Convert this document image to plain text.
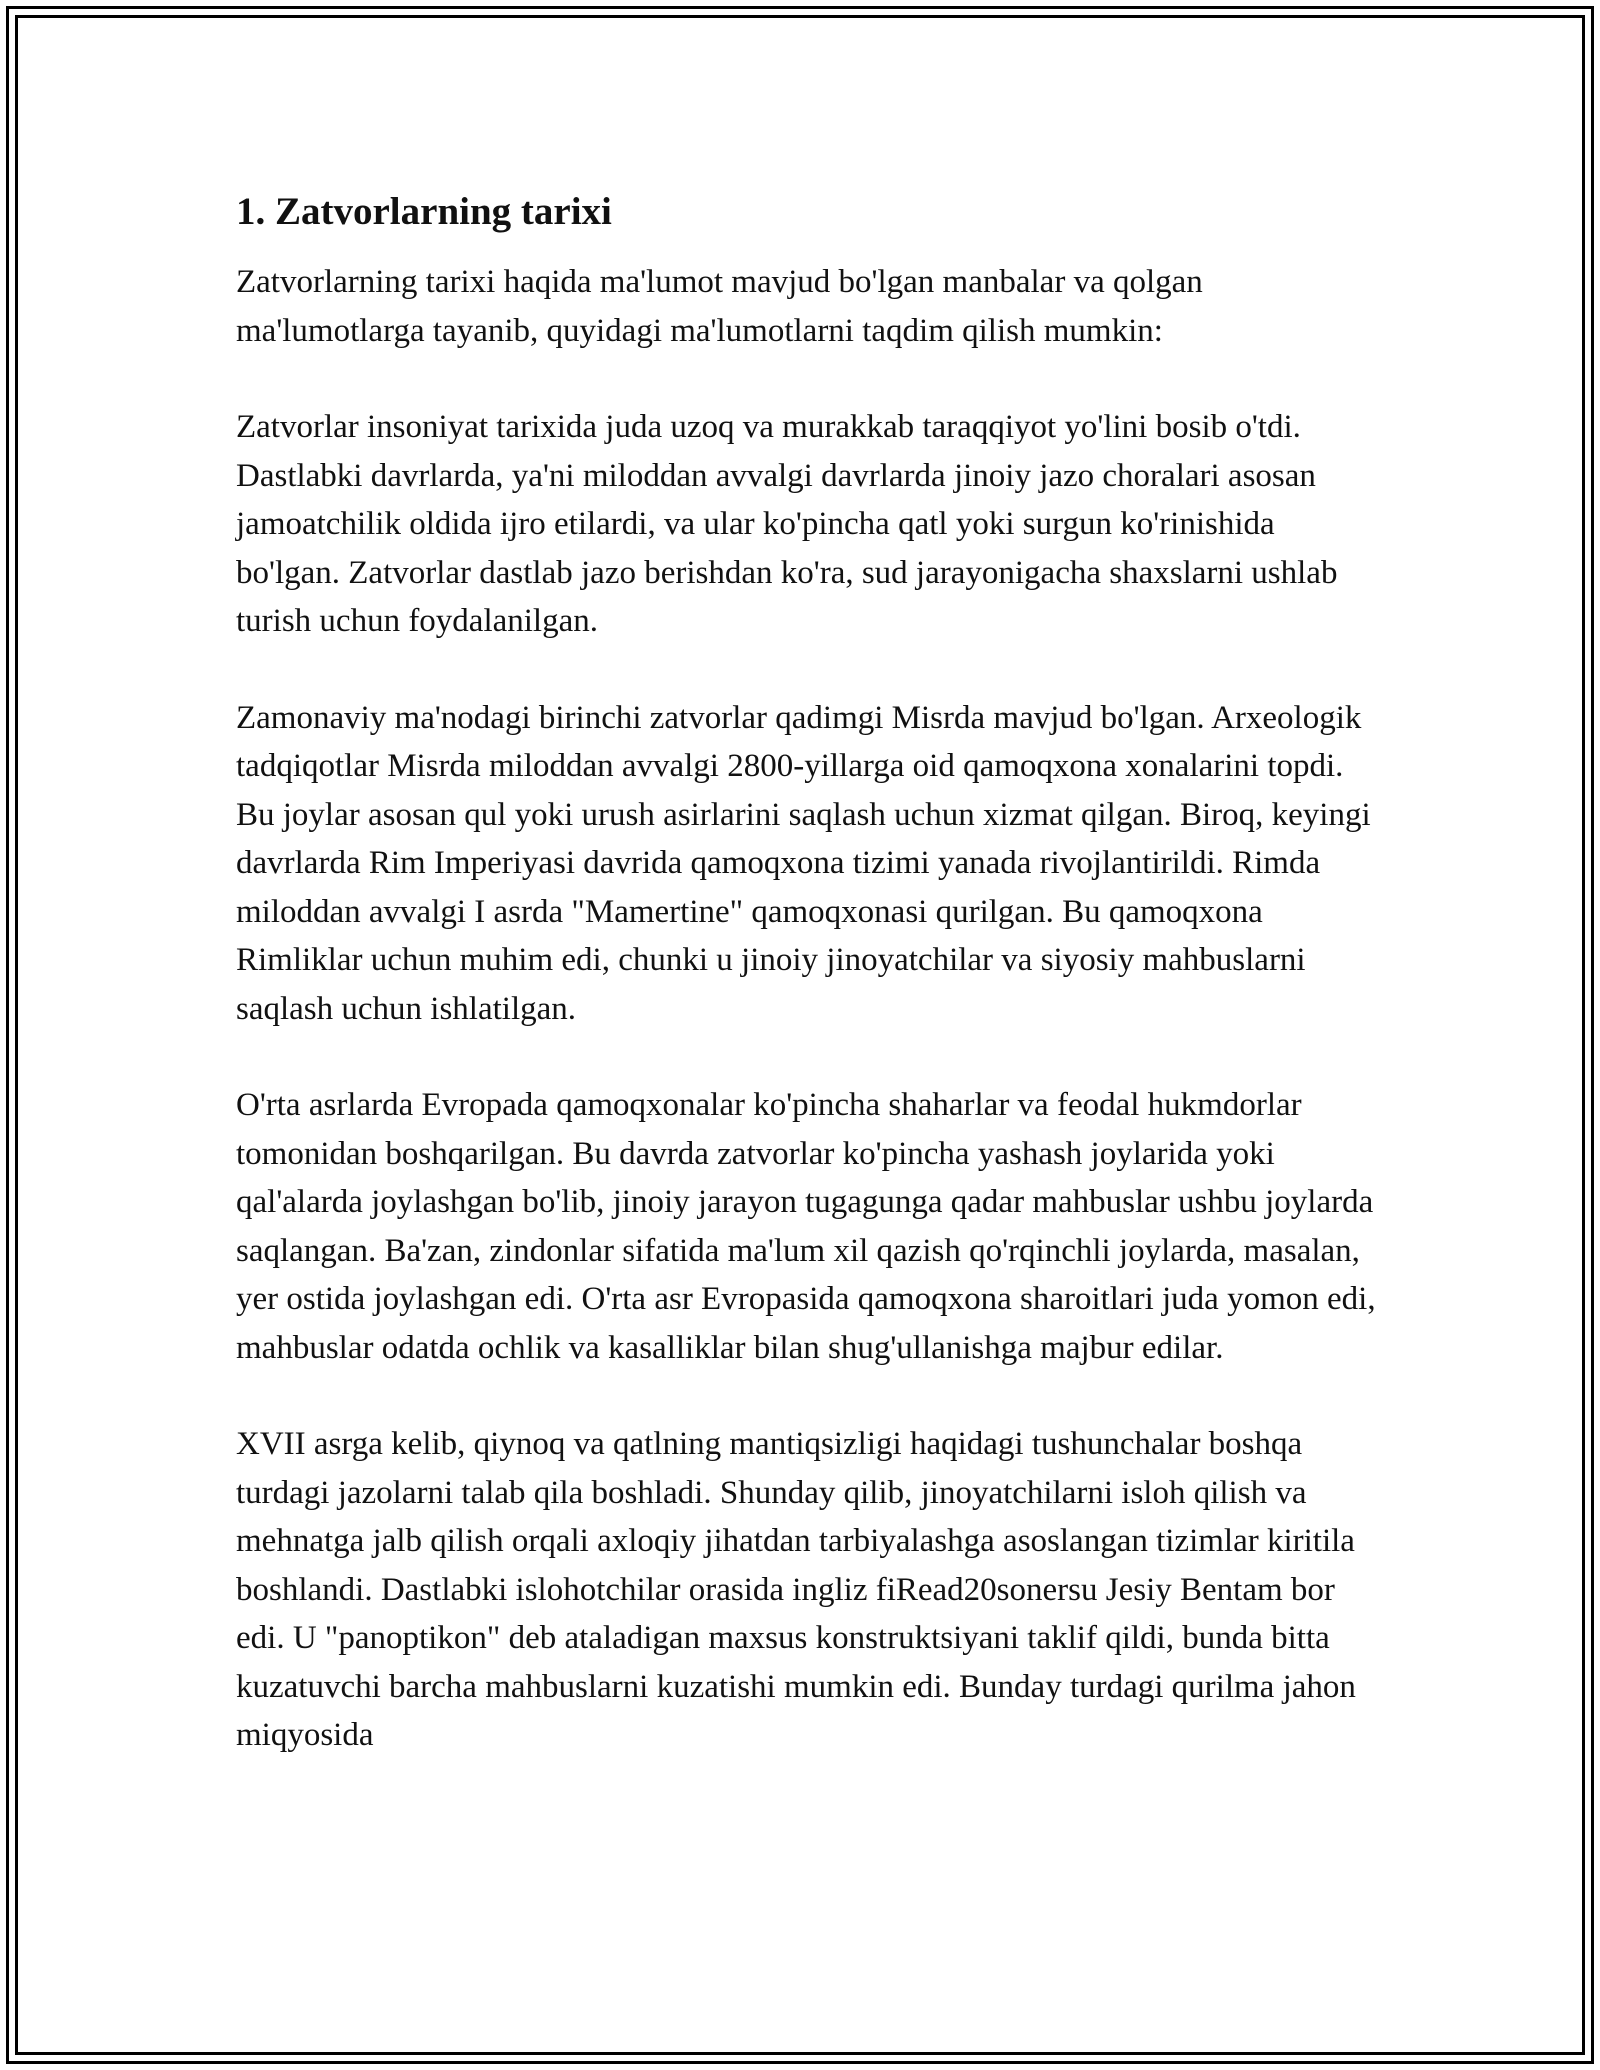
1. Zatvorlarning tarixi

Zatvorlarning tarixi haqida ma'lumot mavjud bo'lgan manbalar va qolgan ma'lumotlarga tayanib, quyidagi ma'lumotlarni taqdim qilish mumkin:

Zatvorlar insoniyat tarixida juda uzoq va murakkab taraqqiyot yo'lini bosib o'tdi. Dastlabki davrlarda, ya'ni miloddan avvalgi davrlarda jinoiy jazo choralari asosan jamoatchilik oldida ijro etilardi, va ular ko'pincha qatl yoki surgun ko'rinishida bo'lgan. Zatvorlar dastlab jazo berishdan ko'ra, sud jarayonigacha shaxslarni ushlab turish uchun foydalanilgan.

Zamonaviy ma'nodagi birinchi zatvorlar qadimgi Misrda mavjud bo'lgan. Arxeologik tadqiqotlar Misrda miloddan avvalgi 2800-yillarga oid qamoqxona xonalarini topdi. Bu joylar asosan qul yoki urush asirlarini saqlash uchun xizmat qilgan. Biroq, keyingi davrlarda Rim Imperiyasi davrida qamoqxona tizimi yanada rivojlantirildi. Rimda miloddan avvalgi I asrda "Mamertine" qamoqxonasi qurilgan. Bu qamoqxona Rimliklar uchun muhim edi, chunki u jinoiy jinoyatchilar va siyosiy mahbuslarni saqlash uchun ishlatilgan.

O'rta asrlarda Evropada qamoqxonalar ko'pincha shaharlar va feodal hukmdorlar tomonidan boshqarilgan. Bu davrda zatvorlar ko'pincha yashash joylarida yoki qal'alarda joylashgan bo'lib, jinoiy jarayon tugagunga qadar mahbuslar ushbu joylarda saqlangan. Ba'zan, zindonlar sifatida ma'lum xil qazish qo'rqinchli joylarda, masalan, yer ostida joylashgan edi. O'rta asr Evropasida qamoqxona sharoitlari juda yomon edi, mahbuslar odatda ochlik va kasalliklar bilan shug'ullanishga majbur edilar.

XVII asrga kelib, qiynoq va qatlning mantiqsizligi haqidagi tushunchalar boshqa turdagi jazolarni talab qila boshladi. Shunday qilib, jinoyatchilarni isloh qilish va mehnatga jalb qilish orqali axloqiy jihatdan tarbiyalashga asoslangan tizimlar kiritila boshlandi. Dastlabki islohotchilar orasida ingliz fiRead20sonersu Jesiy Bentam bor edi. U "panoptikon" deb ataladigan maxsus konstruktsiyani taklif qildi, bunda bitta kuzatuvchi barcha mahbuslarni kuzatishi mumkin edi. Bunday turdagi qurilma jahon miqyosida
